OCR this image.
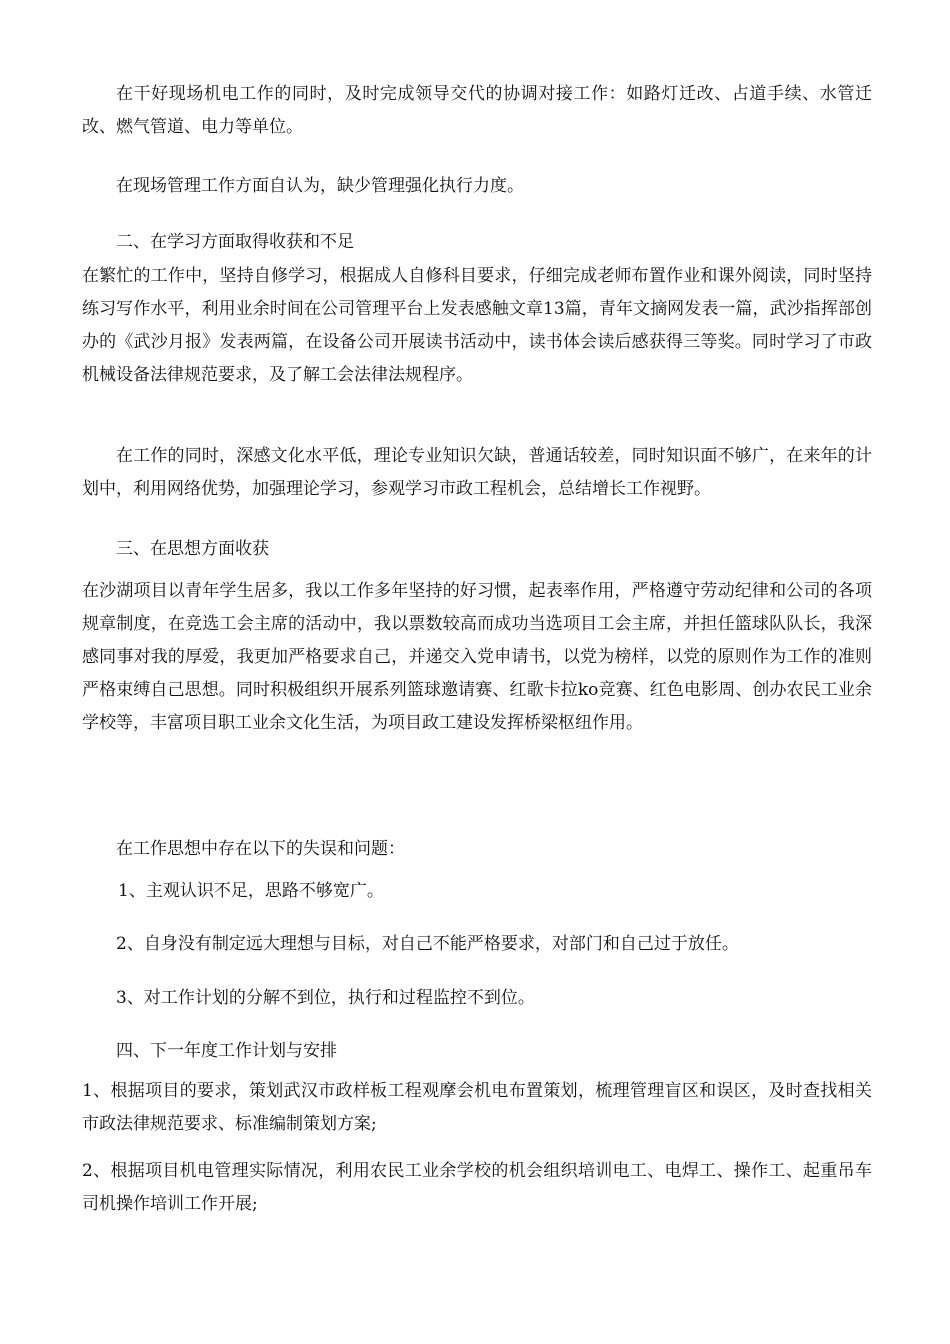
在干好现场机电工作的同时，及时完成领导交代的协调对接工作：如路灯迁改、占道手续、水管迁改、燃气管道、电力等单位。

在现场管理工作方面自认为，缺少管理强化执行力度。

二、在学习方面取得收获和不足

在繁忙的工作中，坚持自修学习，根据成人自修科目要求，仔细完成老师布置作业和课外阅读，同时坚持练习写作水平，利用业余时间在公司管理平台上发表感触文章13篇，青年文摘网发表一篇，武沙指挥部创办的《武沙月报》发表两篇，在设备公司开展读书活动中，读书体会读后感获得三等奖。同时学习了市政机械设备法律规范要求，及了解工会法律法规程序。

在工作的同时，深感文化水平低，理论专业知识欠缺，普通话较差，同时知识面不够广，在来年的计划中，利用网络优势，加强理论学习，参观学习市政工程机会，总结增长工作视野。

三、在思想方面收获

在沙湖项目以青年学生居多，我以工作多年坚持的好习惯，起表率作用，严格遵守劳动纪律和公司的各项规章制度，在竞选工会主席的活动中，我以票数较高而成功当选项目工会主席，并担任篮球队队长，我深感同事对我的厚爱，我更加严格要求自己，并递交入党申请书，以党为榜样，以党的原则作为工作的准则严格束缚自己思想。同时积极组织开展系列篮球邀请赛、红歌卡拉ko竞赛、红色电影周、创办农民工业余学校等，丰富项目职工业余文化生活，为项目政工建设发挥桥梁枢纽作用。

在工作思想中存在以下的失误和问题：

1、主观认识不足，思路不够宽广。

2、自身没有制定远大理想与目标，对自己不能严格要求，对部门和自己过于放任。

3、对工作计划的分解不到位，执行和过程监控不到位。

四、下一年度工作计划与安排

1、根据项目的要求，策划武汉市政样板工程观摩会机电布置策划，梳理管理盲区和误区，及时查找相关市政法律规范要求、标准编制策划方案;

2、根据项目机电管理实际情况，利用农民工业余学校的机会组织培训电工、电焊工、操作工、起重吊车司机操作培训工作开展;
